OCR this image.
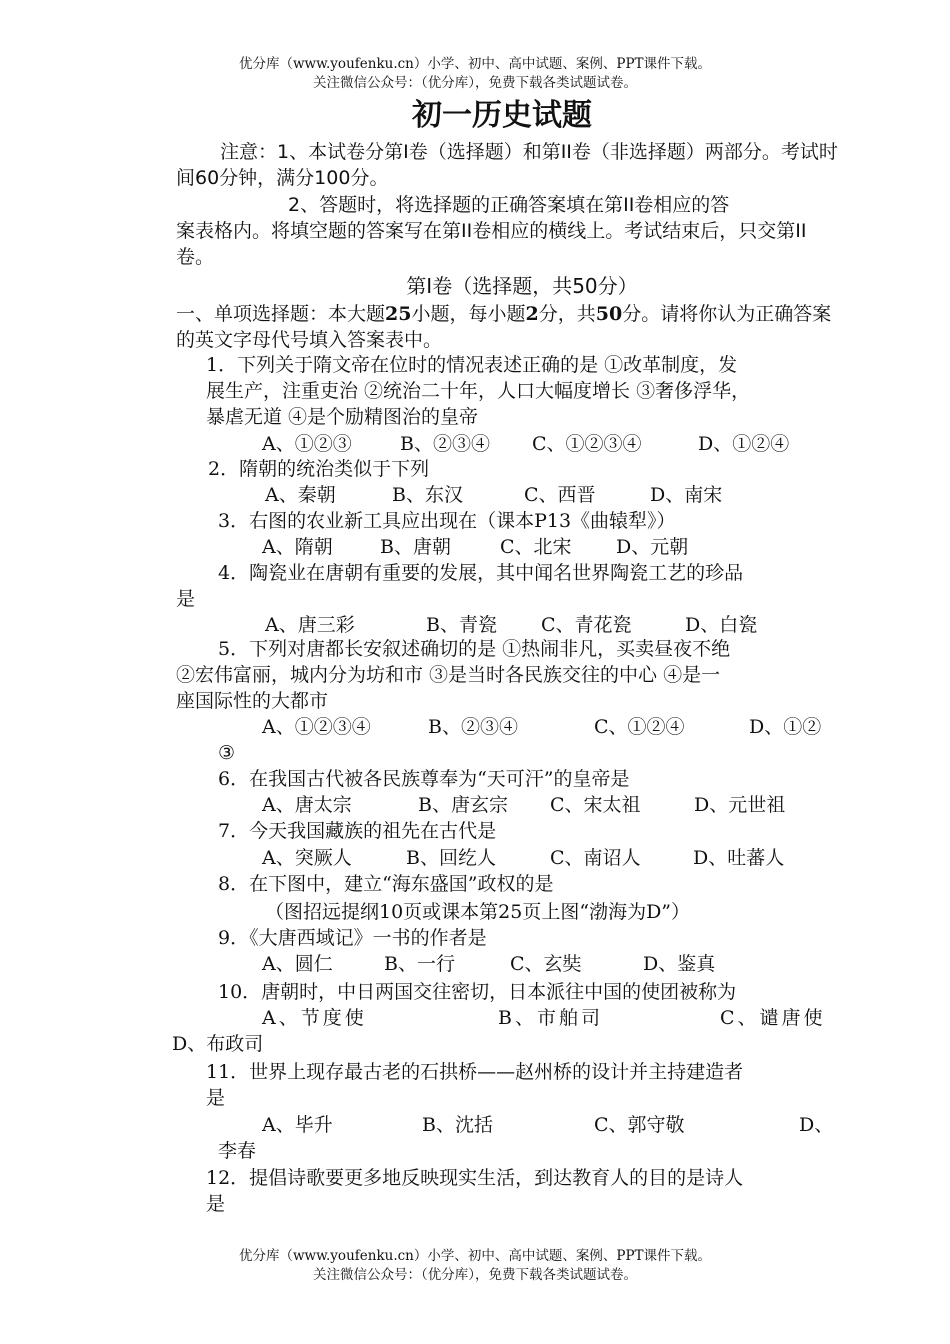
优分库（www.youfenku.cn）小学、初中、高中试题、案例、PPT课件下载。
关注微信公众号：（优分库），免费下载各类试题试卷。
初一历史试题
注意：1、本试卷分第I卷（选择题）和第II卷（非选择题）两部分。考试时间60分钟，满分100分。
2、答题时，将选择题的正确答案填在第II卷相应的答
案表格内。将填空题的答案写在第II卷相应的横线上。考试结束后，只交第II卷。
第I卷（选择题，共50分）
一、单项选择题：本大题25小题，每小题2分，共50分。请将你认为正确答案的英文字母代号填入答案表中。
1．下列关于隋文帝在位时的情况表述正确的是 ①改革制度，发
展生产，注重吏治 ②统治二十年，人口大幅度增长 ③奢侈浮华，
暴虐无道 ④是个励精图治的皇帝
A、①②③	B、②③④ C、①②③④	D、①②④
2．隋朝的统治类似于下列
A、秦朝	B、东汉	C、西晋	D、南宋
3．右图的农业新工具应出现在（课本P13《曲辕犁》）
A、隋朝 B、唐朝	C、北宋 D、元朝
4．陶瓷业在唐朝有重要的发展，其中闻名世界陶瓷工艺的珍品
是
A、唐三彩	B、青瓷 C、青花瓷	D、白瓷
5．下列对唐都长安叙述确切的是 ①热闹非凡，买卖昼夜不绝
②宏伟富丽，城内分为坊和市 ③是当时各民族交往的中心 ④是一
座国际性的大都市
A、①②③④	B、②③④	C、①②④	D、①②
③
6．在我国古代被各民族尊奉为“天可汗”的皇帝是
A、唐太宗	B、唐玄宗 C、宋太祖	D、元世祖
7．今天我国藏族的祖先在古代是
A、突厥人	B、回纥人	C、南诏人	D、吐蕃人
8．在下图中，建立“海东盛国”政权的是
（图招远提纲10页或课本第25页上图“渤海为D”）
9．《大唐西域记》一书的作者是
A、圆仁	B、一行	C、玄奘	D、鉴真
10．唐朝时，中日两国交往密切，日本派往中国的使团被称为
A、节度使	B、市舶司	C、谴唐使
D、布政司
11．世界上现存最古老的石拱桥——赵州桥的设计并主持建造者
是
A、毕升	B、沈括	C、郭守敬	D、
李春
12．提倡诗歌要更多地反映现实生活，到达教育人的目的是诗人
是
优分库（www.youfenku.cn）小学、初中、高中试题、案例、PPT课件下载。
关注微信公众号：（优分库），免费下载各类试题试卷。
